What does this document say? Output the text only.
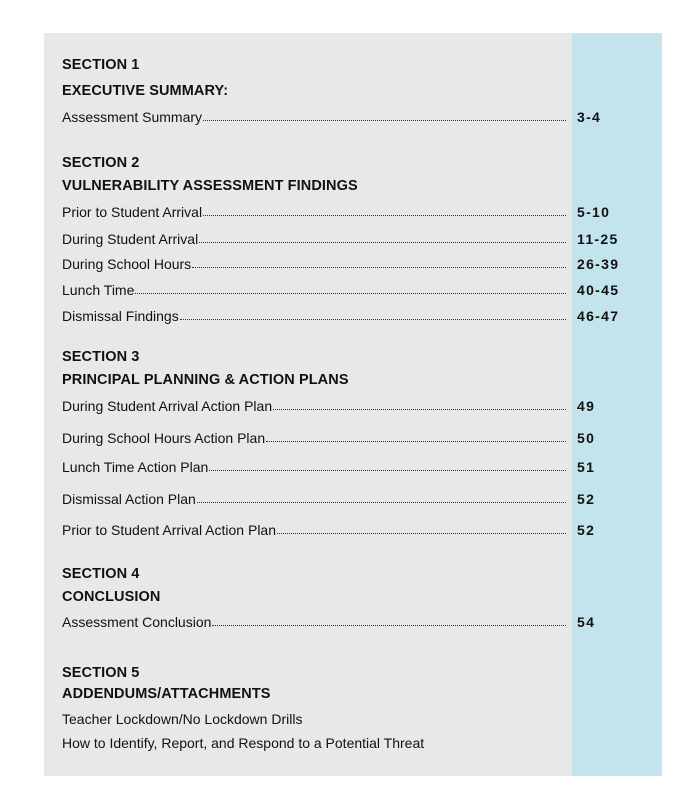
SECTION 1
EXECUTIVE SUMMARY:
Assessment Summary	3-4
SECTION 2
VULNERABILITY ASSESSMENT FINDINGS
Prior to Student Arrival	5-10
During Student Arrival	11-25
During School Hours	26-39
Lunch Time	40-45
Dismissal Findings	46-47
SECTION 3
PRINCIPAL PLANNING & ACTION PLANS
During Student Arrival Action Plan	49
During School Hours Action Plan	50
Lunch Time Action Plan	51
Dismissal Action Plan	52
Prior to Student Arrival Action Plan	52
SECTION 4
CONCLUSION
Assessment Conclusion	54
SECTION 5
ADDENDUMS/ATTACHMENTS
Teacher Lockdown/No Lockdown Drills
How to Identify, Report, and Respond to a Potential Threat
